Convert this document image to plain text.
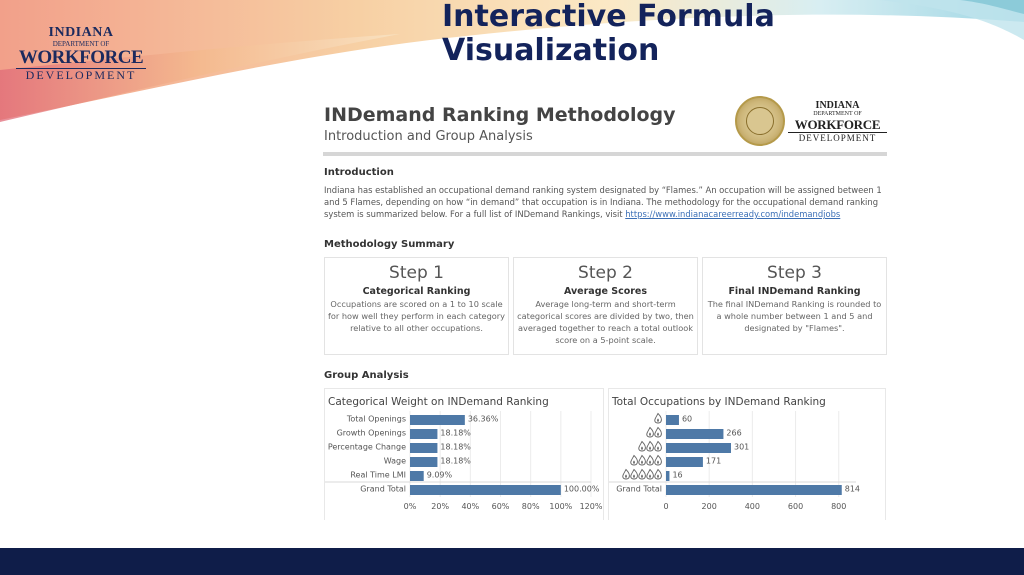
INDIANA
DEPARTMENT OF
WORKFORCE
DEVELOPMENT
Interactive Formula
Visualization
INDemand Ranking Methodology
Introduction and Group Analysis
INDIANA
DEPARTMENT OF
WORKFORCE
DEVELOPMENT
Introduction
Indiana has established an occupational demand ranking system designated by “Flames.” An occupation will be assigned between 1 and 5 Flames, depending on how “in demand” that occupation is in Indiana. The methodology for the occupational demand ranking system is summarized below. For a full list of INDemand Rankings, visit https://www.indianacareerready.com/indemandjobs
Methodology Summary
Step 1
Categorical Ranking
Occupations are scored on a 1 to 10 scale for how well they perform in each category relative to all other occupations.
Step 2
Average Scores
Average long-term and short-term categorical scores are divided by two, then averaged together to reach a total outlook score on a 5-point scale.
Step 3
Final INDemand Ranking
The final INDemand Ranking is rounded to a whole number between 1 and 5 and designated by "Flames".
Group Analysis
Categorical Weight on INDemand Ranking
Total Openings	36.36%
Growth Openings	18.18%
Percentage Change	18.18%
Wage	18.18%
Real Time LMI	9.09%
Grand Total	100.00%
0% 20% 40% 60% 80% 100% 120%
Total Occupations by INDemand Ranking
60
266
301
171
16
Grand Total	814
0	200	400	600	800
